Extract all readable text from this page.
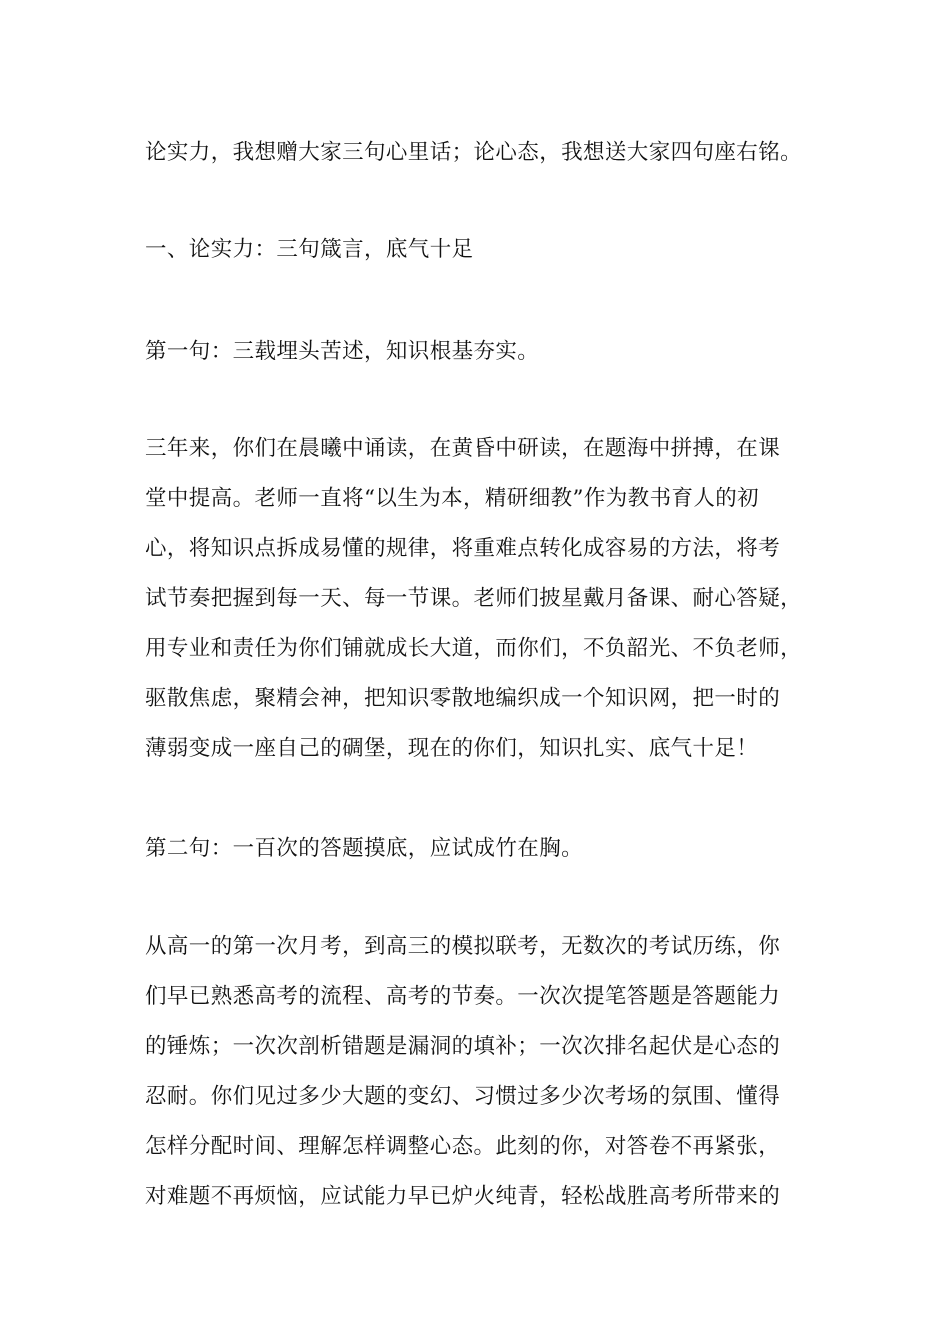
论实力，我想赠大家三句心里话；论心态，我想送大家四句座右铭。
一、论实力：三句箴言，底气十足
第一句：三载埋头苦述，知识根基夯实。
三年来，你们在晨曦中诵读，在黄昏中研读，在题海中拼搏，在课
堂中提高。老师一直将“以生为本，精研细教”作为教书育人的初
心，将知识点拆成易懂的规律，将重难点转化成容易的方法，将考
试节奏把握到每一天、每一节课。老师们披星戴月备课、耐心答疑，
用专业和责任为你们铺就成长大道，而你们，不负韶光、不负老师，
驱散焦虑，聚精会神，把知识零散地编织成一个知识网，把一时的
薄弱变成一座自己的碉堡，现在的你们，知识扎实、底气十足！
第二句：一百次的答题摸底，应试成竹在胸。
从高一的第一次月考，到高三的模拟联考，无数次的考试历练，你
们早已熟悉高考的流程、高考的节奏。一次次提笔答题是答题能力
的锤炼；一次次剖析错题是漏洞的填补；一次次排名起伏是心态的
忍耐。你们见过多少大题的变幻、习惯过多少次考场的氛围、懂得
怎样分配时间、理解怎样调整心态。此刻的你，对答卷不再紧张，
对难题不再烦恼，应试能力早已炉火纯青，轻松战胜高考所带来的
